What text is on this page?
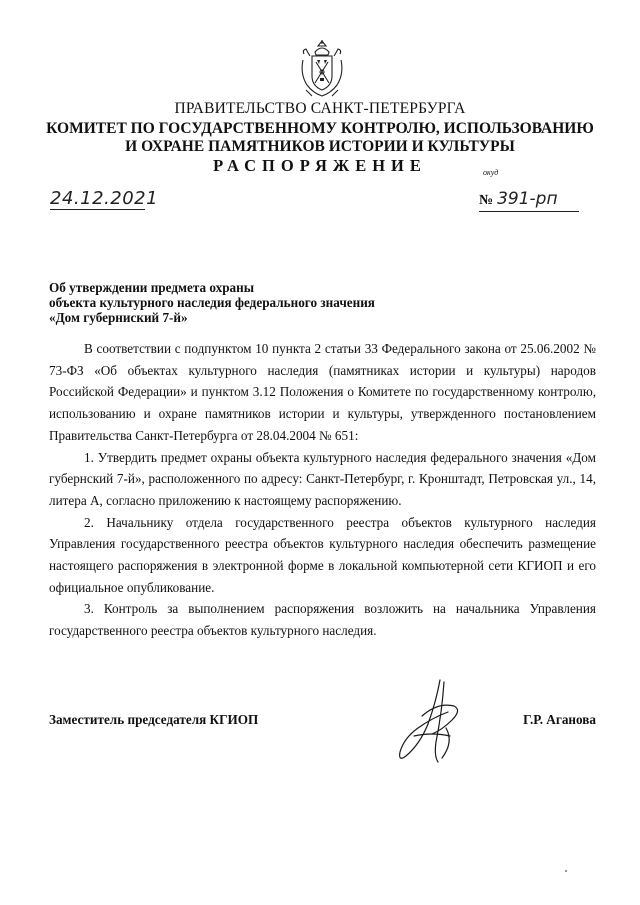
ПРАВИТЕЛЬСТВО САНКТ-ПЕТЕРБУРГА
КОМИТЕТ ПО ГОСУДАРСТВЕННОМУ КОНТРОЛЮ, ИСПОЛЬЗОВАНИЮ
И ОХРАНЕ ПАМЯТНИКОВ ИСТОРИИ И КУЛЬТУРЫ
РАСПОРЯЖЕНИЕ	окуд
24.12.2021	№ 391-рп
Об утверждении предмета охраны
объекта культурного наследия федерального значения
«Дом губерниский 7-й»

В соответствии с подпунктом 10 пункта 2 статьи 33 Федерального закона от 25.06.2002 № 73-ФЗ «Об объектах культурного наследия (памятниках истории и культуры) народов Российской Федерации» и пунктом 3.12 Положения о Комитете по государственному контролю, использованию и охране памятников истории и культуры, утвержденного постановлением Правительства Санкт-Петербурга от 28.04.2004 № 651:

1. Утвердить предмет охраны объекта культурного наследия федерального значения «Дом губернский 7-й», расположенного по адресу: Санкт-Петербург, г. Кронштадт, Петровская ул., 14, литера А, согласно приложению к настоящему распоряжению.

2. Начальнику отдела государственного реестра объектов культурного наследия Управления государственного реестра объектов культурного наследия обеспечить размещение настоящего распоряжения в электронной форме в локальной компьютерной сети КГИОП и его официальное опубликование.

3. Контроль за выполнением распоряжения возложить на начальника Управления государственного реестра объектов культурного наследия.

Заместитель председателя КГИОП	Г.Р. Аганова
